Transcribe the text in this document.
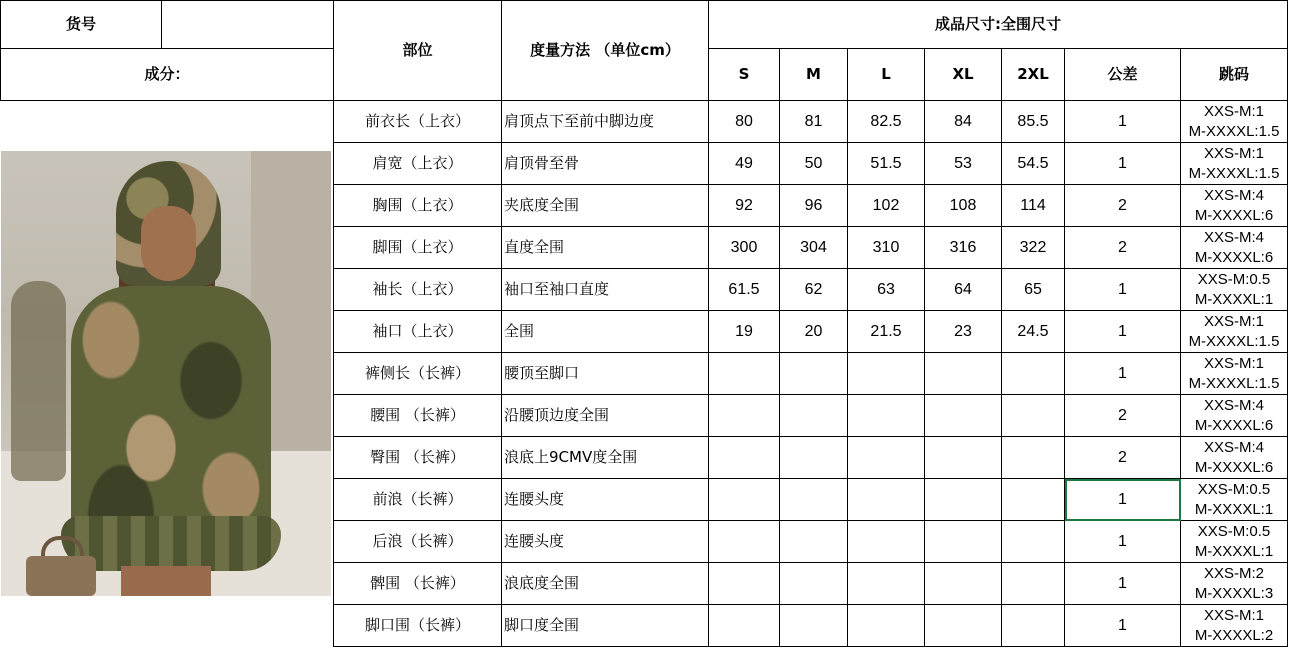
货号		部位	度量方法 （单位cm）	成品尺寸:全围尺寸						
成分：				S	M	L	XL	2XL	公差	跳码
		前衣长（上衣）	肩顶点下至前中脚边度	80	81	82.5	84	85.5	1	XXS-M:1
M-XXXXL:1.5

		肩宽（上衣）	肩顶骨至骨	49	50	51.5	53	54.5	1	XXS-M:1
M-XXXXL:1.5

		胸围（上衣）	夹底度全围	92	96	102	108	114	2	XXS-M:4
M-XXXXL:6

		脚围（上衣）	直度全围	300	304	310	316	322	2	XXS-M:4
M-XXXXL:6

		袖长（上衣）	袖口至袖口直度	61.5	62	63	64	65	1	XXS-M:0.5
M-XXXXL:1

		袖口（上衣）	全围	19	20	21.5	23	24.5	1	XXS-M:1
M-XXXXL:1.5

		裤侧长（长裤）	腰顶至脚口						1	XXS-M:1
M-XXXXL:1.5

		腰围 （长裤）	沿腰顶边度全围						2	XXS-M:4
M-XXXXL:6

		臀围 （长裤）	浪底上9CMV度全围						2	XXS-M:4
M-XXXXL:6

		前浪（长裤）	连腰头度						1	XXS-M:0.5
M-XXXXL:1

		后浪（长裤）	连腰头度						1	XXS-M:0.5
M-XXXXL:1

		髀围 （长裤）	浪底度全围						1	XXS-M:2
M-XXXXL:3

		脚口围（长裤）	脚口度全围						1	XXS-M:1
M-XXXXL:2
